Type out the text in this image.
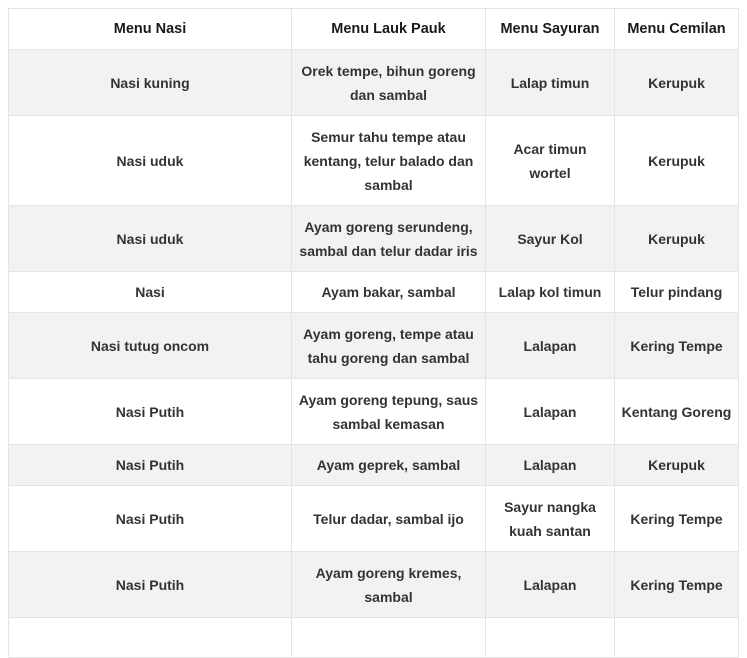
Menu Nasi	Menu Lauk Pauk	Menu Sayuran	Menu Cemilan
Nasi kuning	Orek tempe, bihun goreng dan sambal	Lalap timun	Kerupuk
Nasi uduk	Semur tahu tempe atau kentang, telur balado dan sambal	Acar timun wortel	Kerupuk
Nasi uduk	Ayam goreng serundeng, sambal dan telur dadar iris	Sayur Kol	Kerupuk
Nasi	Ayam bakar, sambal	Lalap kol timun	Telur pindang
Nasi tutug oncom	Ayam goreng, tempe atau tahu goreng dan sambal	Lalapan	Kering Tempe
Nasi Putih	Ayam goreng tepung, saus sambal kemasan	Lalapan	Kentang Goreng
Nasi Putih	Ayam geprek, sambal	Lalapan	Kerupuk
Nasi Putih	Telur dadar, sambal ijo	Sayur nangka kuah santan	Kering Tempe
Nasi Putih	Ayam goreng kremes, sambal	Lalapan	Kering Tempe
